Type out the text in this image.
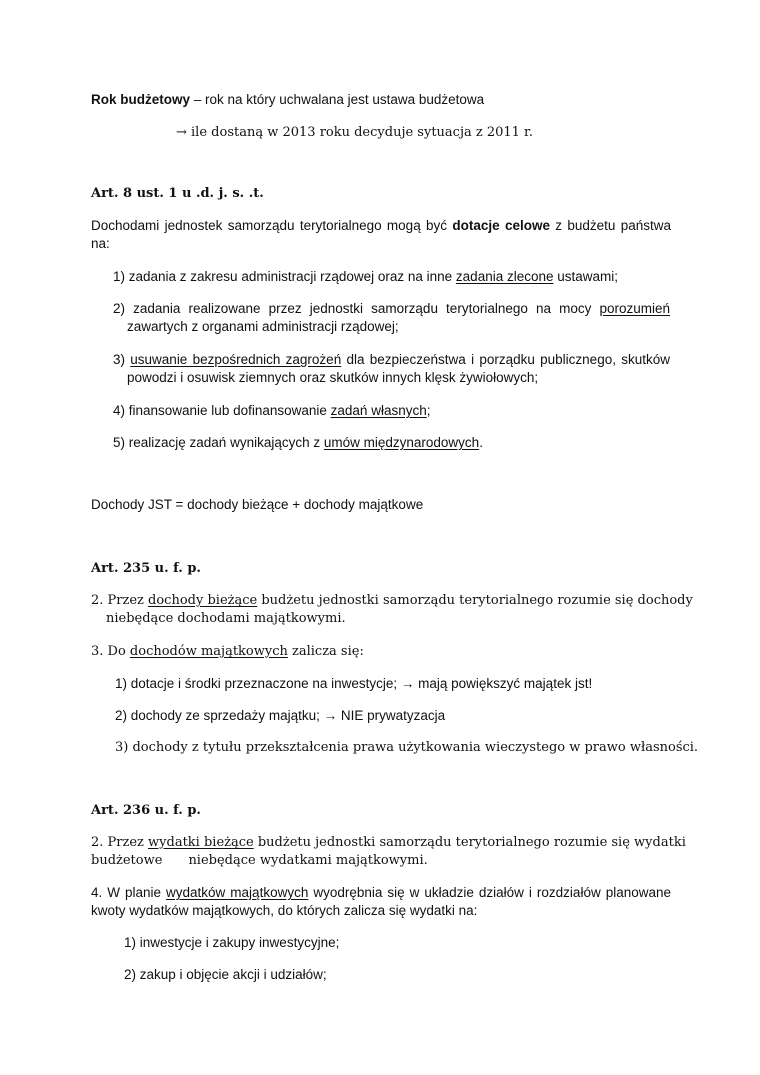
Rok budżetowy – rok na który uchwalana jest ustawa budżetowa
→ ile dostaną w 2013 roku decyduje sytuacja z 2011 r.
Art. 8 ust. 1 u .d. j. s. .t.
Dochodami jednostek samorządu terytorialnego mogą być dotacje celowe z budżetu państwa
na:
1) zadania z zakresu administracji rządowej oraz na inne zadania zlecone ustawami;
2) zadania realizowane przez jednostki samorządu terytorialnego na mocy porozumień
zawartych z organami administracji rządowej;
3) usuwanie bezpośrednich zagrożeń dla bezpieczeństwa i porządku publicznego, skutków
powodzi i osuwisk ziemnych oraz skutków innych klęsk żywiołowych;
4) finansowanie lub dofinansowanie zadań własnych;
5) realizację zadań wynikających z umów międzynarodowych.
Dochody JST = dochody bieżące + dochody majątkowe
Art. 235 u. f. p.
2. Przez dochody bieżące budżetu jednostki samorządu terytorialnego rozumie się dochody
niebędące dochodami majątkowymi.
3. Do dochodów majątkowych zalicza się:
1) dotacje i środki przeznaczone na inwestycje; → mają powiększyć majątek jst!
2) dochody ze sprzedaży majątku; → NIE prywatyzacja
3) dochody z tytułu przekształcenia prawa użytkowania wieczystego w prawo własności.
Art. 236 u. f. p.
2. Przez wydatki bieżące budżetu jednostki samorządu terytorialnego rozumie się wydatki
budżetowe niebędące wydatkami majątkowymi.
4. W planie wydatków majątkowych wyodrębnia się w układzie działów i rozdziałów planowane
kwoty wydatków majątkowych, do których zalicza się wydatki na:
1) inwestycje i zakupy inwestycyjne;
2) zakup i objęcie akcji i udziałów;
